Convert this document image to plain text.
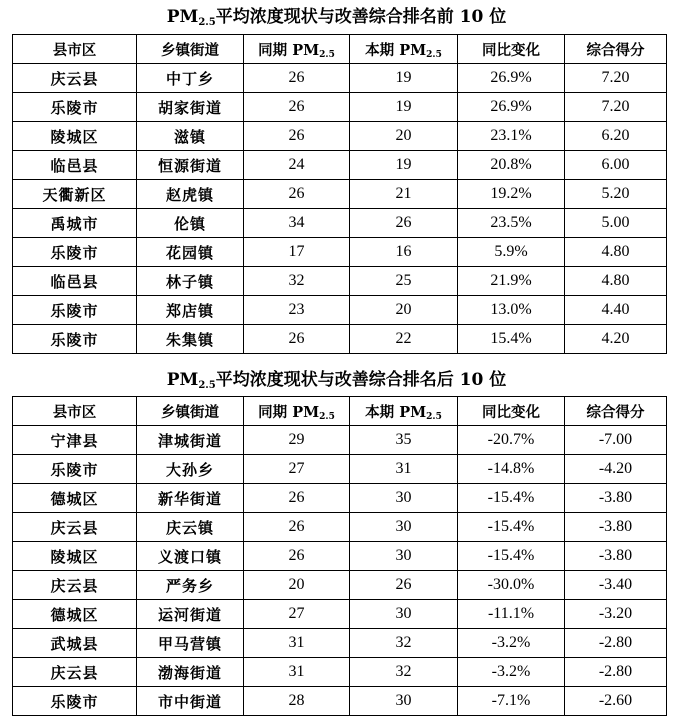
$PM_{2.5}$平均浓度现状与改善综合排名前 10 位
县市区	乡镇街道	同期 $PM_{2.5}$	本期 $PM_{2.5}$	同比变化	综合得分
庆云县	中丁乡	26	19	26.9%	7.20
乐陵市	胡家街道	26	19	26.9%	7.20
陵城区	滋镇	26	20	23.1%	6.20
临邑县	恒源街道	24	19	20.8%	6.00
天衢新区	赵虎镇	26	21	19.2%	5.20
禹城市	伦镇	34	26	23.5%	5.00
乐陵市	花园镇	17	16	5.9%	4.80
临邑县	林子镇	32	25	21.9%	4.80
乐陵市	郑店镇	23	20	13.0%	4.40
乐陵市	朱集镇	26	22	15.4%	4.20
$PM_{2.5}$平均浓度现状与改善综合排名后 10 位
县市区	乡镇街道	同期 $PM_{2.5}$	本期 $PM_{2.5}$	同比变化	综合得分
宁津县	津城街道	29	35	-20.7%	-7.00
乐陵市	大孙乡	27	31	-14.8%	-4.20
德城区	新华街道	26	30	-15.4%	-3.80
庆云县	庆云镇	26	30	-15.4%	-3.80
陵城区	义渡口镇	26	30	-15.4%	-3.80
庆云县	严务乡	20	26	-30.0%	-3.40
德城区	运河街道	27	30	-11.1%	-3.20
武城县	甲马营镇	31	32	-3.2%	-2.80
庆云县	渤海街道	31	32	-3.2%	-2.80
乐陵市	市中街道	28	30	-7.1%	-2.60
